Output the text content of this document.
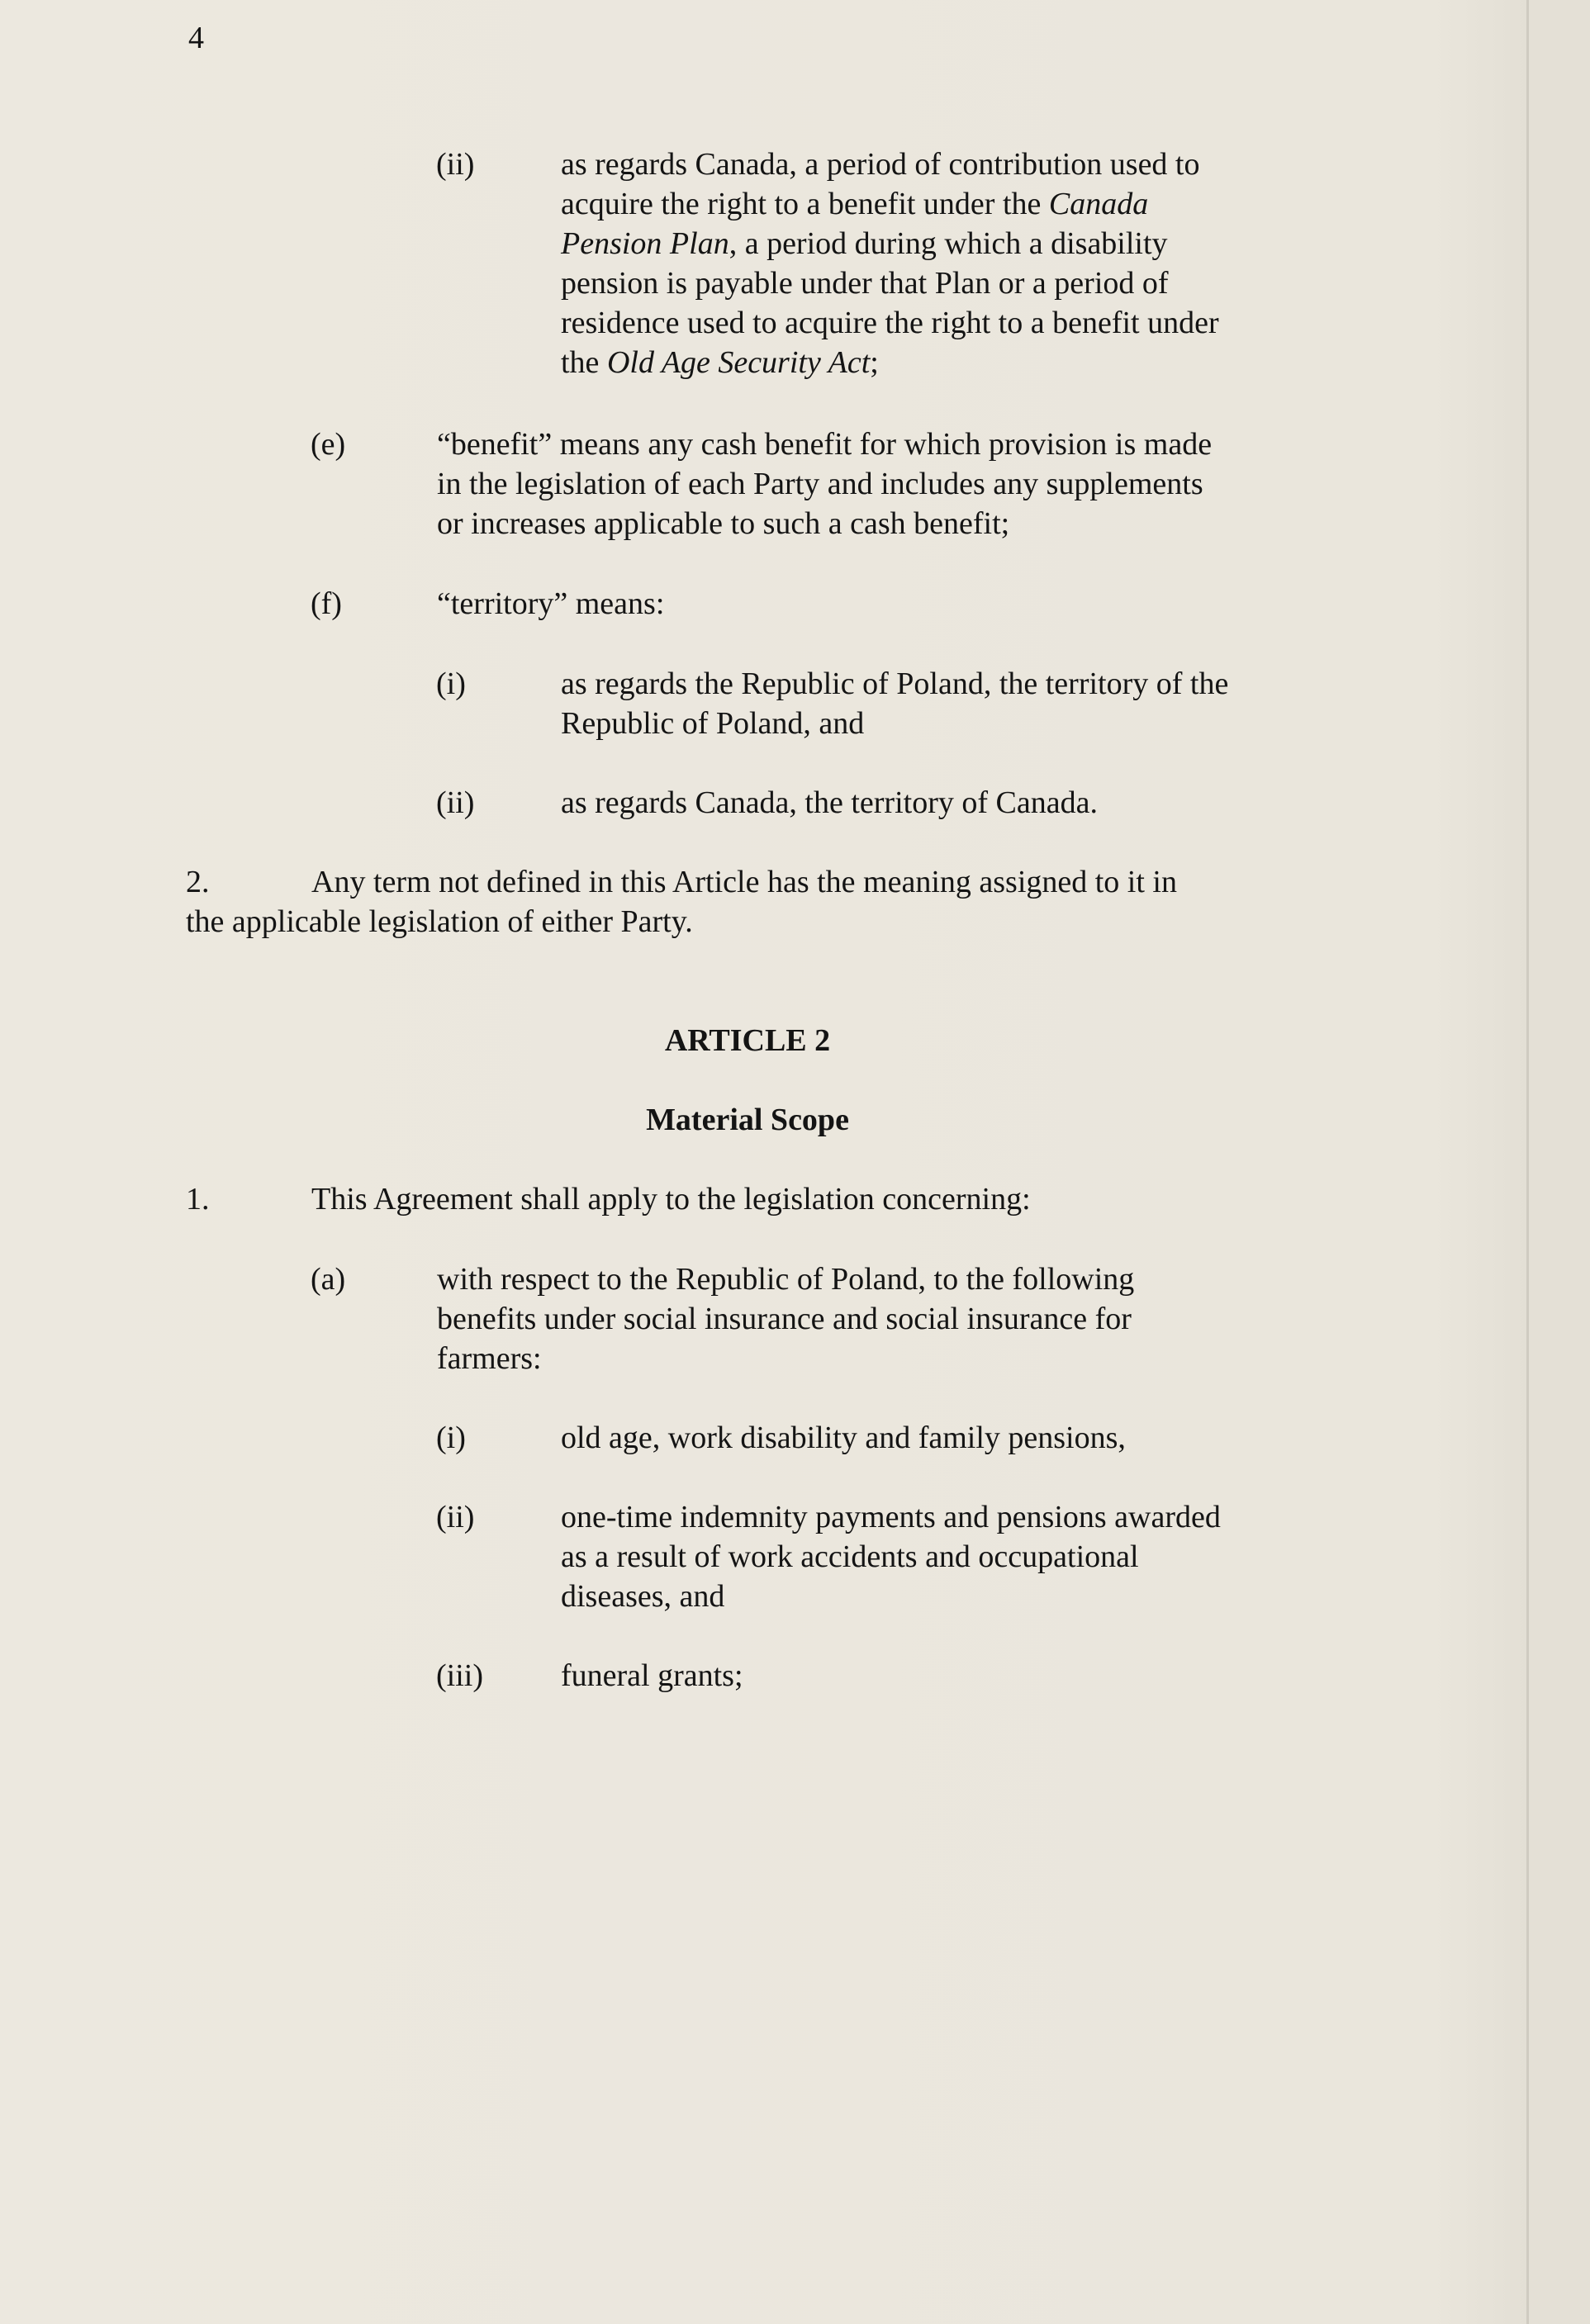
4

(ii)	as regards Canada, a period of contribution used to

acquire the right to a benefit under the Canada

Pension Plan, a period during which a disability

pension is payable under that Plan or a period of

residence used to acquire the right to a benefit under

the Old Age Security Act;

(e)	“benefit” means any cash benefit for which provision is made

in the legislation of each Party and includes any supplements

or increases applicable to such a cash benefit;

(f)	“territory” means:

(i)	as regards the Republic of Poland, the territory of the

Republic of Poland, and

(ii)	as regards Canada, the territory of Canada.

2.	Any term not defined in this Article has the meaning assigned to it in

the applicable legislation of either Party.

ARTICLE 2

Material Scope

1.	This Agreement shall apply to the legislation concerning:

(a)	with respect to the Republic of Poland, to the following

benefits under social insurance and social insurance for

farmers:

(i)	old age, work disability and family pensions,

(ii)	one-time indemnity payments and pensions awarded

as a result of work accidents and occupational

diseases, and

(iii) funeral grants;
